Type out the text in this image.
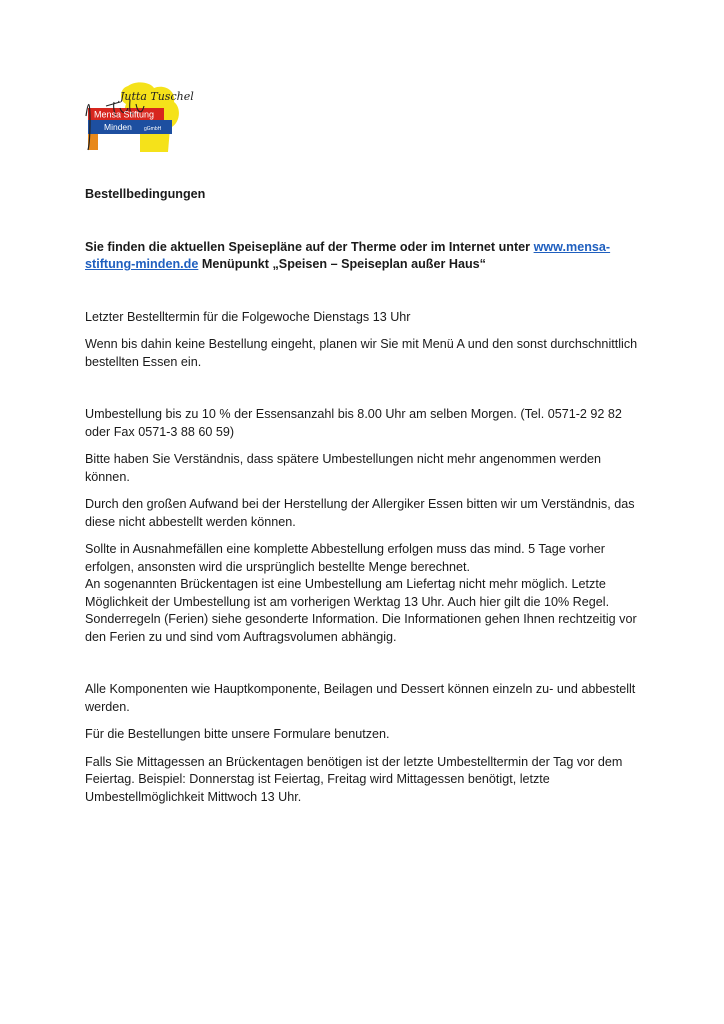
Jutta Tuschel
Mensa Stiftung
Minden gGmbH

Bestellbedingungen

Sie finden die aktuellen Speisepläne auf der Therme oder im Internet unter www.mensa-stiftung-minden.de Menüpunkt „Speisen – Speiseplan außer Haus“

Letzter Bestelltermin für die Folgewoche Dienstags 13 Uhr

Wenn bis dahin keine Bestellung eingeht, planen wir Sie mit Menü A und den sonst durchschnittlich bestellten Essen ein.

Umbestellung bis zu 10 % der Essensanzahl bis 8.00 Uhr am selben Morgen. (Tel. 0571-2 92 82 oder Fax 0571-3 88 60 59)

Bitte haben Sie Verständnis, dass spätere Umbestellungen nicht mehr angenommen werden können.

Durch den großen Aufwand bei der Herstellung der Allergiker Essen bitten wir um Verständnis, das diese nicht abbestellt werden können.

Sollte in Ausnahmefällen eine komplette Abbestellung erfolgen muss das mind. 5 Tage vorher erfolgen, ansonsten wird die ursprünglich bestellte Menge berechnet.

An sogenannten Brückentagen ist eine Umbestellung am Liefertag nicht mehr möglich. Letzte Möglichkeit der Umbestellung ist am vorherigen Werktag 13 Uhr. Auch hier gilt die 10% Regel. Sonderregeln (Ferien) siehe gesonderte Information. Die Informationen gehen Ihnen rechtzeitig vor den Ferien zu und sind vom Auftragsvolumen abhängig.

Alle Komponenten wie Hauptkomponente, Beilagen und Dessert können einzeln zu- und abbestellt werden.

Für die Bestellungen bitte unsere Formulare benutzen.

Falls Sie Mittagessen an Brückentagen benötigen ist der letzte Umbestelltermin der Tag vor dem Feiertag. Beispiel: Donnerstag ist Feiertag, Freitag wird Mittagessen benötigt, letzte Umbestellmöglichkeit Mittwoch 13 Uhr.
